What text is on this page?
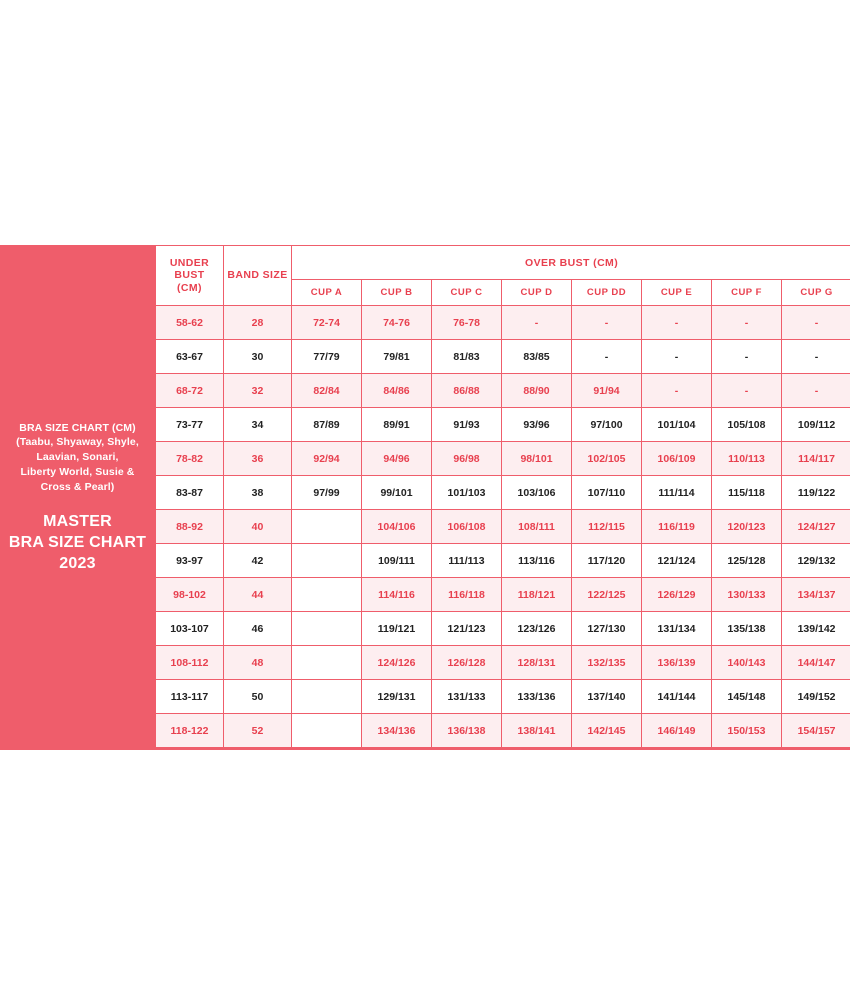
BRA SIZE CHART (CM)
(Taabu, Shyaway, Shyle,
Laavian, Sonari,
Liberty World, Susie &
Cross & Pearl)
MASTER
BRA SIZE CHART
2023
UNDER BUST
(CM)	BAND SIZE	OVER BUST (CM)							
		CUP A	CUP B	CUP C	CUP D	CUP DD	CUP E	CUP F	CUP G
58-62	28	72-74	74-76	76-78	-	-	-	-	-
63-67	30	77/79	79/81	81/83	83/85	-	-	-	-
68-72	32	82/84	84/86	86/88	88/90	91/94	-	-	-
73-77	34	87/89	89/91	91/93	93/96	97/100	101/104	105/108	109/112
78-82	36	92/94	94/96	96/98	98/101	102/105	106/109	110/113	114/117
83-87	38	97/99	99/101	101/103	103/106	107/110	111/114	115/118	119/122
88-92	40		104/106	106/108	108/111	112/115	116/119	120/123	124/127
93-97	42		109/111	111/113	113/116	117/120	121/124	125/128	129/132
98-102	44		114/116	116/118	118/121	122/125	126/129	130/133	134/137
103-107	46		119/121	121/123	123/126	127/130	131/134	135/138	139/142
108-112	48		124/126	126/128	128/131	132/135	136/139	140/143	144/147
113-117	50		129/131	131/133	133/136	137/140	141/144	145/148	149/152
118-122	52		134/136	136/138	138/141	142/145	146/149	150/153	154/157
